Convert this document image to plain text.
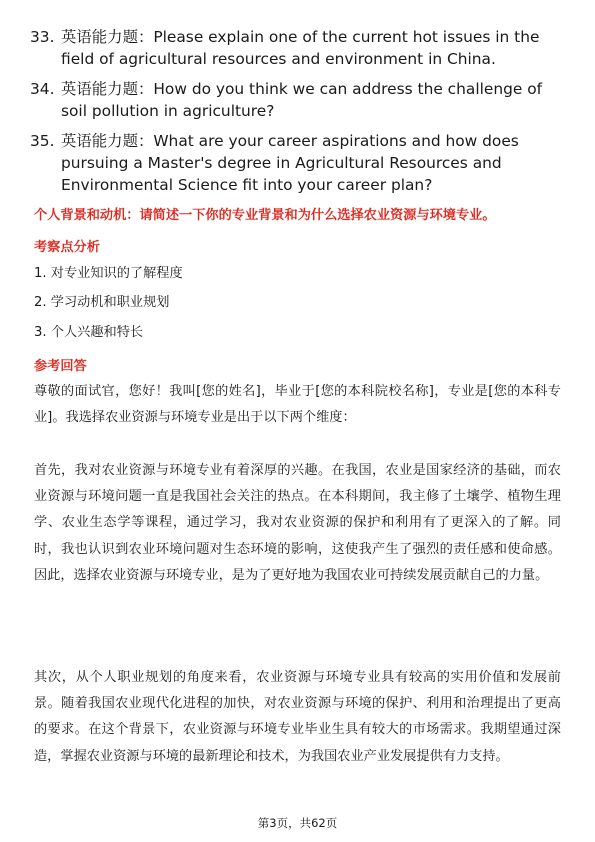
33. 英语能力题：Please explain one of the current hot issues in the field of agricultural resources and environment in China.
34. 英语能力题：How do you think we can address the challenge of soil pollution in agriculture?
35. 英语能力题：What are your career aspirations and how does pursuing a Master's degree in Agricultural Resources and Environmental Science fit into your career plan?
个人背景和动机：请简述一下你的专业背景和为什么选择农业资源与环境专业。
考察点分析
1. 对专业知识的了解程度
2. 学习动机和职业规划
3. 个人兴趣和特长
参考回答
尊敬的面试官，您好！我叫[您的姓名]，毕业于[您的本科院校名称]，专业是[您的本科专业]。我选择农业资源与环境专业是出于以下两个维度：
首先，我对农业资源与环境专业有着深厚的兴趣。在我国，农业是国家经济的基础，而农业资源与环境问题一直是我国社会关注的热点。在本科期间，我主修了土壤学、植物生理学、农业生态学等课程，通过学习，我对农业资源的保护和利用有了更深入的了解。同时，我也认识到农业环境问题对生态环境的影响，这使我产生了强烈的责任感和使命感。因此，选择农业资源与环境专业，是为了更好地为我国农业可持续发展贡献自己的力量。
其次，从个人职业规划的角度来看，农业资源与环境专业具有较高的实用价值和发展前景。随着我国农业现代化进程的加快，对农业资源与环境的保护、利用和治理提出了更高的要求。在这个背景下，农业资源与环境专业毕业生具有较大的市场需求。我期望通过深造，掌握农业资源与环境的最新理论和技术，为我国农业产业发展提供有力支持。
第3页，共62页
